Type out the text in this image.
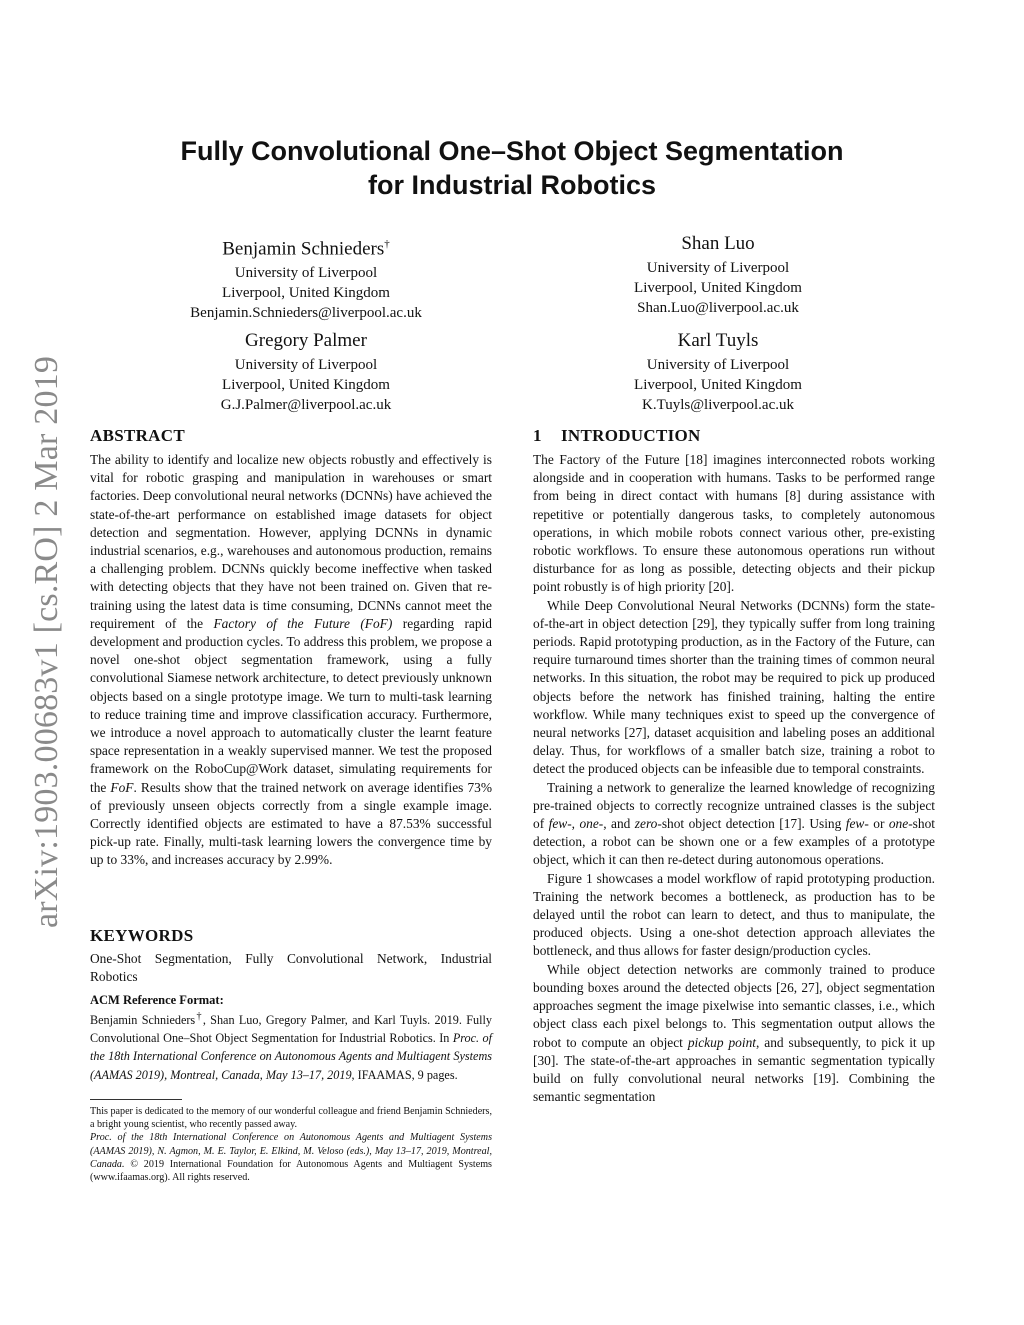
arXiv:1903.00683v1 [cs.RO] 2 Mar 2019
Fully Convolutional One–Shot Object Segmentation
for Industrial Robotics
Benjamin Schnieders†
University of Liverpool
Liverpool, United Kingdom
Benjamin.Schnieders@liverpool.ac.uk
Shan Luo
University of Liverpool
Liverpool, United Kingdom
Shan.Luo@liverpool.ac.uk
Gregory Palmer
University of Liverpool
Liverpool, United Kingdom
G.J.Palmer@liverpool.ac.uk
Karl Tuyls
University of Liverpool
Liverpool, United Kingdom
K.Tuyls@liverpool.ac.uk
ABSTRACT

The ability to identify and localize new objects robustly and effectively is vital for robotic grasping and manipulation in warehouses or smart factories. Deep convolutional neural networks (DCNNs) have achieved the state-of-the-art performance on established image datasets for object detection and segmentation. However, applying DCNNs in dynamic industrial scenarios, e.g., warehouses and autonomous production, remains a challenging problem. DCNNs quickly become ineffective when tasked with detecting objects that they have not been trained on. Given that re-training using the latest data is time consuming, DCNNs cannot meet the requirement of the Factory of the Future (FoF) regarding rapid development and production cycles. To address this problem, we propose a novel one-shot object segmentation framework, using a fully convolutional Siamese network architecture, to detect previously unknown objects based on a single prototype image. We turn to multi-task learning to reduce training time and improve classification accuracy. Furthermore, we introduce a novel approach to automatically cluster the learnt feature space representation in a weakly supervised manner. We test the proposed framework on the RoboCup@Work dataset, simulating requirements for the FoF. Results show that the trained network on average identifies 73% of previously unseen objects correctly from a single example image. Correctly identified objects are estimated to have a 87.53% successful pick-up rate. Finally, multi-task learning lowers the convergence time by up to 33%, and increases accuracy by 2.99%.

KEYWORDS
One-Shot Segmentation, Fully Convolutional Network, Industrial Robotics
ACM Reference Format:
Benjamin Schnieders†, Shan Luo, Gregory Palmer, and Karl Tuyls. 2019. Fully Convolutional One–Shot Object Segmentation for Industrial Robotics. In Proc. of the 18th International Conference on Autonomous Agents and Multiagent Systems (AAMAS 2019), Montreal, Canada, May 13–17, 2019, IFAAMAS, 9 pages.

This paper is dedicated to the memory of our wonderful colleague and friend Benjamin Schnieders, a bright young scientist, who recently passed away.

Proc. of the 18th International Conference on Autonomous Agents and Multiagent Systems (AAMAS 2019), N. Agmon, M. E. Taylor, E. Elkind, M. Veloso (eds.), May 13–17, 2019, Montreal, Canada. © 2019 International Foundation for Autonomous Agents and Multiagent Systems (www.ifaamas.org). All rights reserved.

1 INTRODUCTION

The Factory of the Future [18] imagines interconnected robots working alongside and in cooperation with humans. Tasks to be performed range from being in direct contact with humans [8] during assistance with repetitive or potentially dangerous tasks, to completely autonomous operations, in which mobile robots connect various other, pre-existing robotic workflows. To ensure these autonomous operations run without disturbance for as long as possible, detecting objects and their pickup point robustly is of high priority [20].

While Deep Convolutional Neural Networks (DCNNs) form the state-of-the-art in object detection [29], they typically suffer from long training periods. Rapid prototyping production, as in the Factory of the Future, can require turnaround times shorter than the training times of common neural networks. In this situation, the robot may be required to pick up produced objects before the network has finished training, halting the entire workflow. While many techniques exist to speed up the convergence of neural networks [27], dataset acquisition and labeling poses an additional delay. Thus, for workflows of a smaller batch size, training a robot to detect the produced objects can be infeasible due to temporal constraints.

Training a network to generalize the learned knowledge of recognizing pre-trained objects to correctly recognize untrained classes is the subject of few-, one-, and zero-shot object detection [17]. Using few- or one-shot detection, a robot can be shown one or a few examples of a prototype object, which it can then re-detect during autonomous operations.

Figure 1 showcases a model workflow of rapid prototyping production. Training the network becomes a bottleneck, as production has to be delayed until the robot can learn to detect, and thus to manipulate, the produced objects. Using a one-shot detection approach alleviates the bottleneck, and thus allows for faster design/production cycles.

While object detection networks are commonly trained to produce bounding boxes around the detected objects [26, 27], object segmentation approaches segment the image pixelwise into semantic classes, i.e., which object class each pixel belongs to. This segmentation output allows the robot to compute an object pickup point, and subsequently, to pick it up [30]. The state-of-the-art approaches in semantic segmentation typically build on fully convolutional neural networks [19]. Combining the semantic segmentation
